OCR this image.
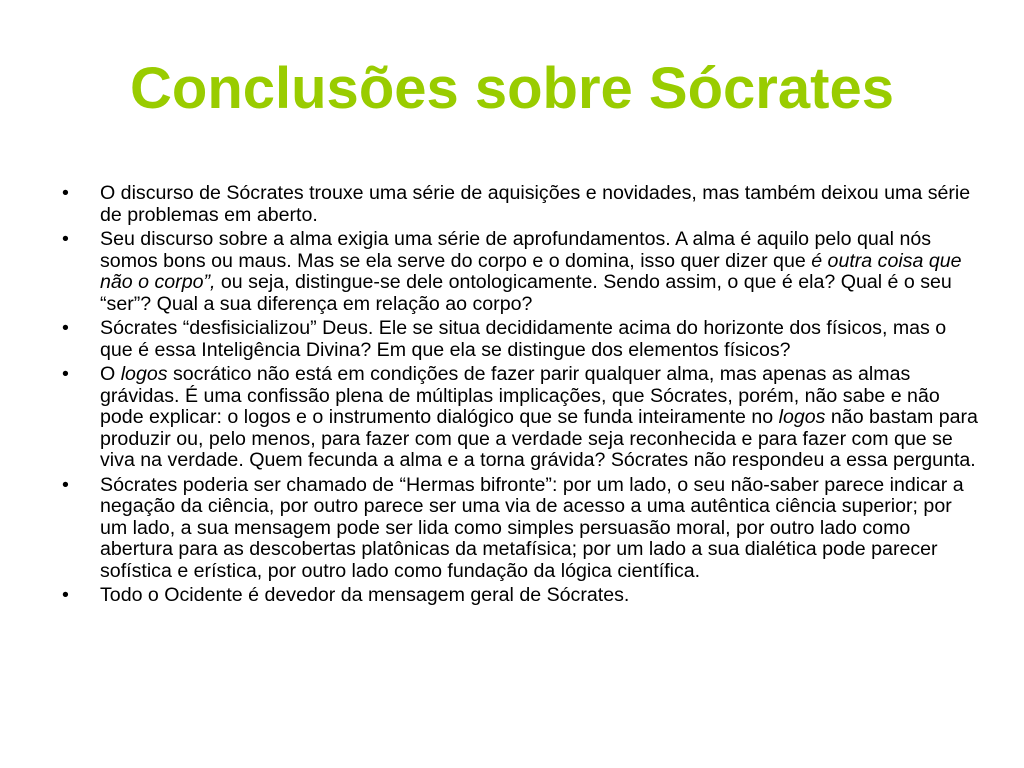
Conclusões sobre Sócrates
•	O discurso de Sócrates trouxe uma série de aquisições e novidades, mas também deixou uma série de problemas em aberto.
•	Seu discurso sobre a alma exigia uma série de aprofundamentos. A alma é aquilo pelo qual nós somos bons ou maus. Mas se ela serve do corpo e o domina, isso quer dizer que é outra coisa que não o corpo”, ou seja, distingue-se dele ontologicamente. Sendo assim, o que é ela? Qual é o seu “ser”? Qual a sua diferença em relação ao corpo?
•	Sócrates “desfisicializou” Deus. Ele se situa decididamente acima do horizonte dos físicos, mas o que é essa Inteligência Divina? Em que ela se distingue dos elementos físicos?
•	O logos socrático não está em condições de fazer parir qualquer alma, mas apenas as almas grávidas. É uma confissão plena de múltiplas implicações, que Sócrates, porém, não sabe e não pode explicar: o logos e o instrumento dialógico que se funda inteiramente no logos não bastam para produzir ou, pelo menos, para fazer com que a verdade seja reconhecida e para fazer com que se viva na verdade. Quem fecunda a alma e a torna grávida? Sócrates não respondeu a essa pergunta.
•	Sócrates poderia ser chamado de “Hermas bifronte”: por um lado, o seu não-saber parece indicar a negação da ciência, por outro parece ser uma via de acesso a uma autêntica ciência superior; por um lado, a sua mensagem pode ser lida como simples persuasão moral, por outro lado como abertura para as descobertas platônicas da metafísica; por um lado a sua dialética pode parecer sofística e erística, por outro lado como fundação da lógica científica.
•	Todo o Ocidente é devedor da mensagem geral de Sócrates.
